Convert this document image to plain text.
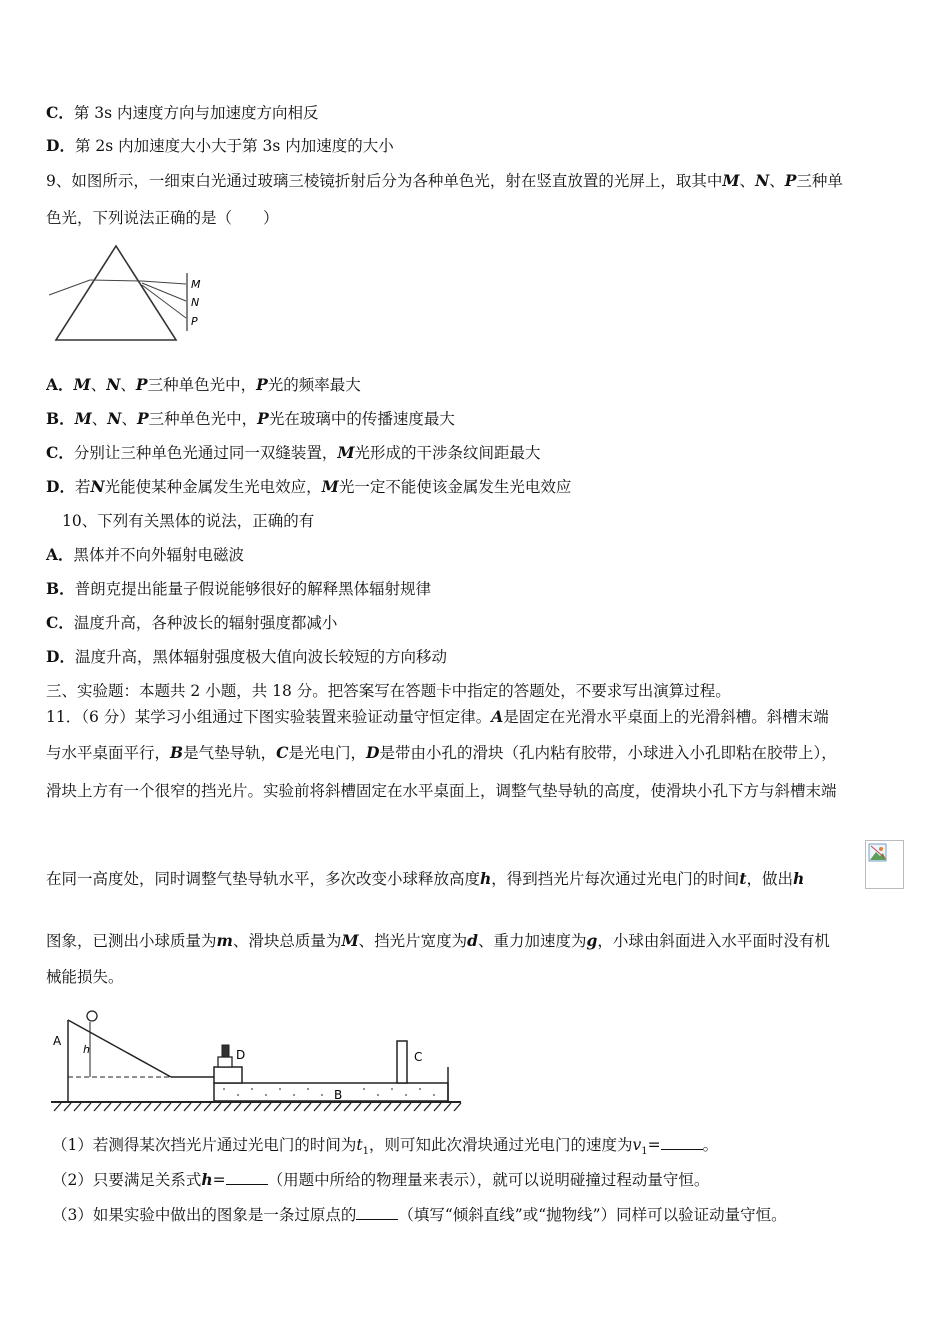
C．第 3s 内速度方向与加速度方向相反
D．第 2s 内加速度大小大于第 3s 内加速度的大小
9、如图所示，一细束白光通过玻璃三棱镜折射后分为各种单色光，射在竖直放置的光屏上，取其中M、N、P三种单
色光，下列说法正确的是（　　）
M
N
P
A．M、N、P三种单色光中，P光的频率最大
B．M、N、P三种单色光中，P光在玻璃中的传播速度最大
C．分别让三种单色光通过同一双缝装置，M光形成的干涉条纹间距最大
D．若N光能使某种金属发生光电效应，M光一定不能使该金属发生光电效应
10、下列有关黑体的说法，正确的有
A．黑体并不向外辐射电磁波
B．普朗克提出能量子假说能够很好的解释黑体辐射规律
C．温度升高，各种波长的辐射强度都减小
D．温度升高，黑体辐射强度极大值向波长较短的方向移动
三、实验题：本题共 2 小题，共 18 分。把答案写在答题卡中指定的答题处，不要求写出演算过程。
11．（6 分）某学习小组通过下图实验装置来验证动量守恒定律。A是固定在光滑水平桌面上的光滑斜槽。斜槽末端
与水平桌面平行，B是气垫导轨，C是光电门，D是带由小孔的滑块（孔内粘有胶带，小球进入小孔即粘在胶带上），
滑块上方有一个很窄的挡光片。实验前将斜槽固定在水平桌面上，调整气垫导轨的高度，使滑块小孔下方与斜槽末端
在同一高度处，同时调整气垫导轨水平，多次改变小球释放高度h，得到挡光片每次通过光电门的时间t，做出h
图象，已测出小球质量为m、滑块总质量为M、挡光片宽度为d、重力加速度为g，小球由斜面进入水平面时没有机
械能损失。
A
h
B
D	C
（1）若测得某次挡光片通过光电门的时间为$t_1$，则可知此次滑块通过光电门的速度为$v_1=$	。
（2）只要满足关系式h=	（用题中所给的物理量来表示），就可以说明碰撞过程动量守恒。
（3）如果实验中做出的图象是一条过原点的	（填写“倾斜直线”或“抛物线”）同样可以验证动量守恒。
